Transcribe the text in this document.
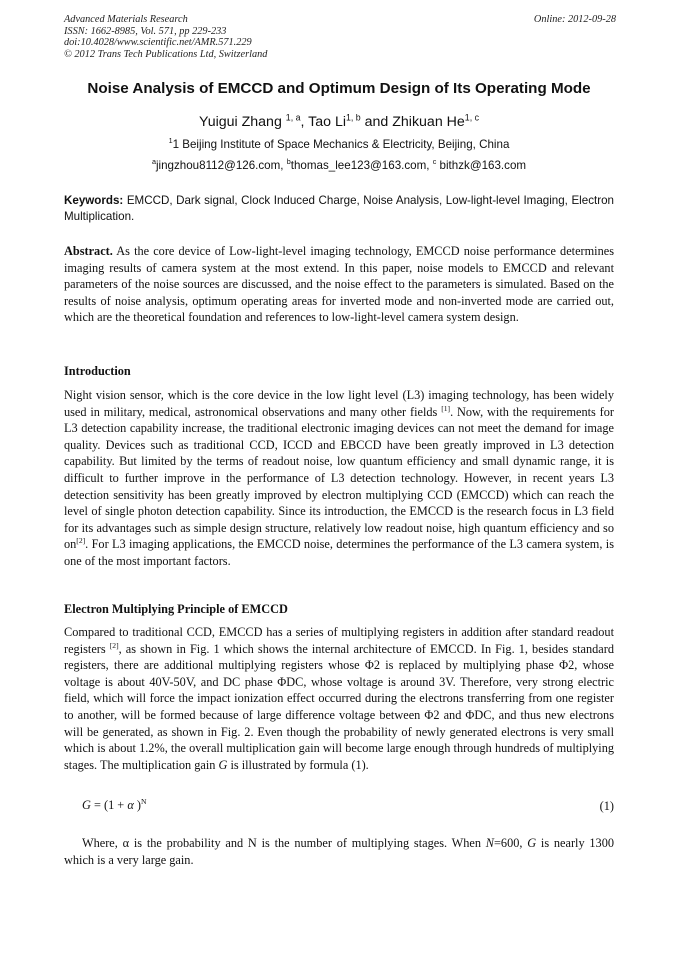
Advanced Materials Research
ISSN: 1662-8985, Vol. 571, pp 229-233
doi:10.4028/www.scientific.net/AMR.571.229
© 2012 Trans Tech Publications Ltd, Switzerland
Online: 2012-09-28
Noise Analysis of EMCCD and Optimum Design of Its Operating Mode
Yuigui Zhang $^{1, a}$, Tao Li$^{1, b}$ and Zhikuan He$^{1, c}$
$^1$1 Beijing Institute of Space Mechanics & Electricity, Beijing, China
$^a$jingzhou8112@126.com, $^b$thomas_lee123@163.com, $^c$ bithzk@163.com
Keywords: EMCCD, Dark signal, Clock Induced Charge, Noise Analysis, Low-light-level Imaging, Electron Multiplication.

Abstract. As the core device of Low-light-level imaging technology, EMCCD noise performance determines imaging results of camera system at the most extend. In this paper, noise models to EMCCD and relevant parameters of the noise sources are discussed, and the noise effect to the parameters is simulated. Based on the results of noise analysis, optimum operating areas for inverted mode and non-inverted mode are carried out, which are the theoretical foundation and references to low-light-level camera system design.

Introduction

Night vision sensor, which is the core device in the low light level (L3) imaging technology, has been widely used in military, medical, astronomical observations and many other fields [1]. Now, with the requirements for L3 detection capability increase, the traditional electronic imaging devices can not meet the demand for image quality. Devices such as traditional CCD, ICCD and EBCCD have been greatly improved in L3 detection capability. But limited by the terms of readout noise, low quantum efficiency and small dynamic range, it is difficult to further improve in the performance of L3 detection technology. However, in recent years L3 detection sensitivity has been greatly improved by electron multiplying CCD (EMCCD) which can reach the level of single photon detection capability. Since its introduction, the EMCCD is the research focus in L3 field for its advantages such as simple design structure, relatively low readout noise, high quantum efficiency and so on[2]. For L3 imaging applications, the EMCCD noise, determines the performance of the L3 camera system, is one of the most important factors.

Electron Multiplying Principle of EMCCD

Compared to traditional CCD, EMCCD has a series of multiplying registers in addition after standard readout registers [2], as shown in Fig. 1 which shows the internal architecture of EMCCD. In Fig. 1, besides standard registers, there are additional multiplying registers whose Φ2 is replaced by multiplying phase Φ2, whose voltage is about 40V-50V, and DC phase ΦDC, whose voltage is around 3V. Therefore, very strong electric field, which will force the impact ionization effect occurred during the electrons transferring from one register to another, will be formed because of large difference voltage between Φ2 and ΦDC, and thus new electrons will be generated, as shown in Fig. 2. Even though the probability of newly generated electrons is very small which is about 1.2%, the overall multiplication gain will become large enough through hundreds of multiplying stages. The multiplication gain G is illustrated by formula (1).

G = (1 + α )$^N$	(1)

Where, α is the probability and N is the number of multiplying stages. When N=600, G is nearly 1300 which is a very large gain.
